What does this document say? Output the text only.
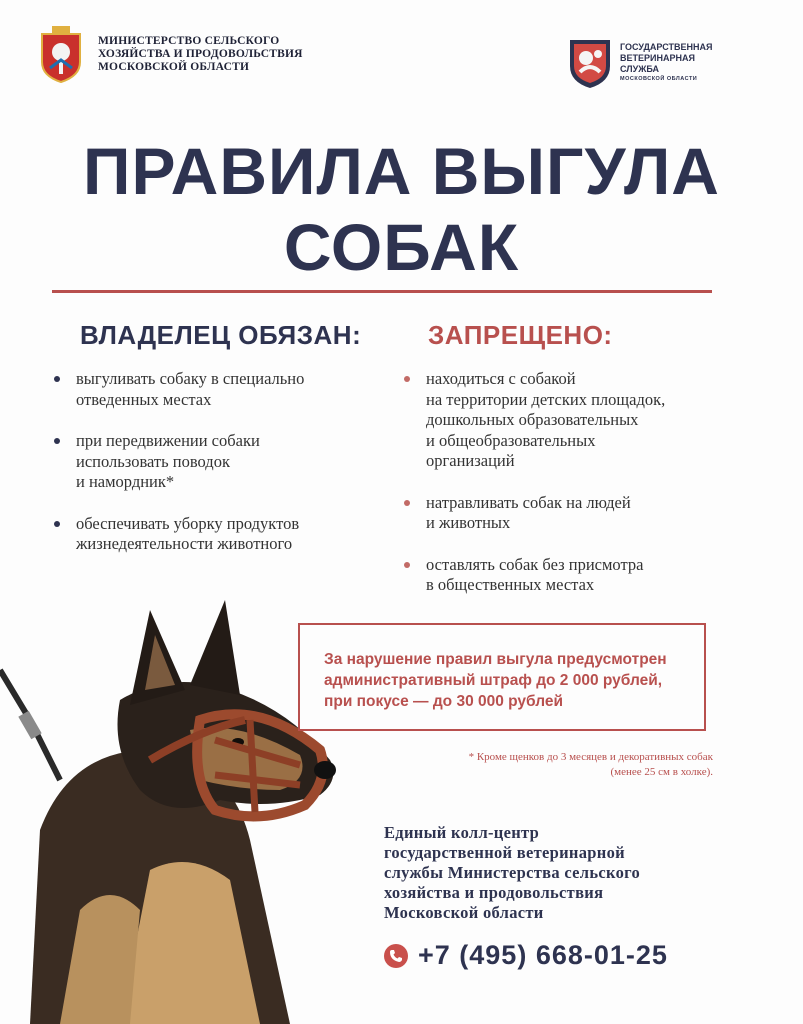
МИНИСТЕРСТВО СЕЛЬСКОГО
ХОЗЯЙСТВА И ПРОДОВОЛЬСТВИЯ
МОСКОВСКОЙ ОБЛАСТИ
ГОСУДАРСТВЕННАЯ
ВЕТЕРИНАРНАЯ
СЛУЖБА
МОСКОВСКОЙ ОБЛАСТИ
ПРАВИЛА ВЫГУЛА
СОБАК
ВЛАДЕЛЕЦ ОБЯЗАН:	ЗАПРЕЩЕНО:
выгуливать собаку в специально
отведенных местах
при передвижении собаки
использовать поводок
и намордник*
обеспечивать уборку продуктов
жизнедеятельности животного
находиться с собакой
на территории детских площадок,
дошкольных образовательных
и общеобразовательных
организаций
натравливать собак на людей
и животных
оставлять собак без присмотра
в общественных местах
За нарушение правил выгула предусмотрен
административный штраф до 2 000 рублей,
при покусе — до 30 000 рублей
* Кроме щенков до 3 месяцев и декоративных собак
(менее 25 см в холке).
Единый колл-центр
государственной ветеринарной
службы Министерства сельского
хозяйства и продовольствия
Московской области
+7 (495) 668-01-25
